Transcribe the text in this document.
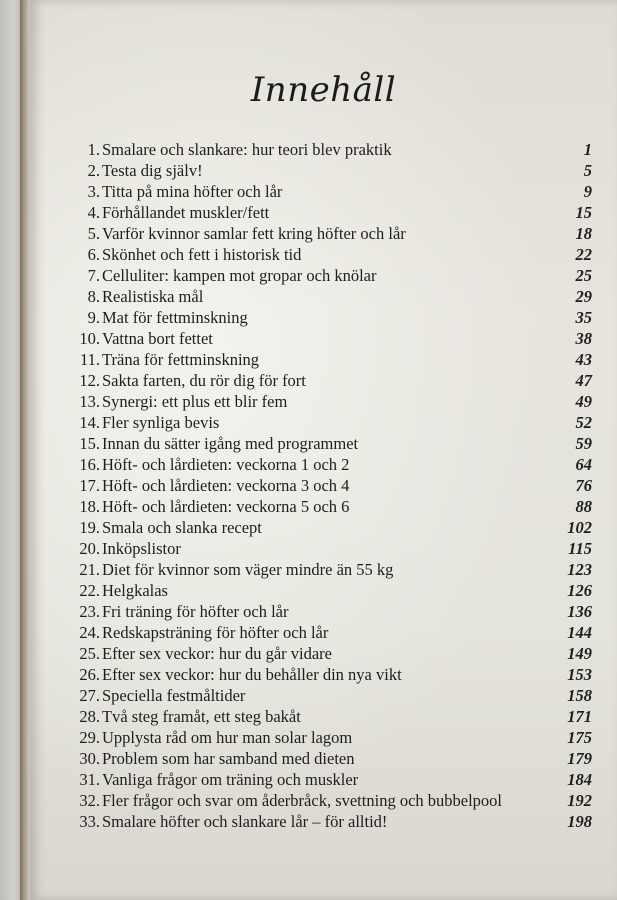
Innehåll
1. Smalare och slankare: hur teori blev praktik	1
2. Testa dig själv!	5
3. Titta på mina höfter och lår	9
4. Förhållandet muskler/fett	15
5. Varför kvinnor samlar fett kring höfter och lår	18
6. Skönhet och fett i historisk tid	22
7. Celluliter: kampen mot gropar och knölar	25
8. Realistiska mål	29
9. Mat för fettminskning	35
10. Vattna bort fettet	38
11. Träna för fettminskning	43
12. Sakta farten, du rör dig för fort	47
13. Synergi: ett plus ett blir fem	49
14. Fler synliga bevis	52
15. Innan du sätter igång med programmet	59
16. Höft- och lårdieten: veckorna 1 och 2	64
17. Höft- och lårdieten: veckorna 3 och 4	76
18. Höft- och lårdieten: veckorna 5 och 6	88
19. Smala och slanka recept	102
20. Inköpslistor	115
21. Diet för kvinnor som väger mindre än 55 kg	123
22. Helgkalas	126
23. Fri träning för höfter och lår	136
24. Redskapsträning för höfter och lår	144
25. Efter sex veckor: hur du går vidare	149
26. Efter sex veckor: hur du behåller din nya vikt	153
27. Speciella festmåltider	158
28. Två steg framåt, ett steg bakåt	171
29. Upplysta råd om hur man solar lagom	175
30. Problem som har samband med dieten	179
31. Vanliga frågor om träning och muskler	184
32. Fler frågor och svar om åderbråck, svettning och bubbelpool	192
33. Smalare höfter och slankare lår – för alltid!	198
